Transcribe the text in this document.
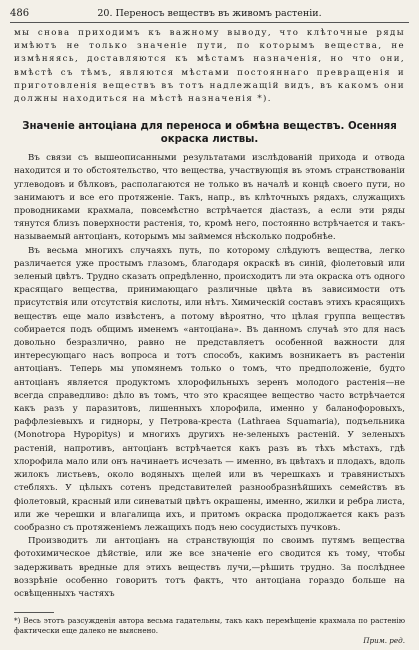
486	20. Переносъ веществъ въ живомъ растеніи.

мы снова приходимъ къ важному выводу, что клѣточные ряды имѣютъ не только значеніе пути, по которымъ вещества, не измѣняясь, доставляются къ мѣстамъ назначенія, но что они, вмѣстѣ съ тѣмъ, являются мѣстами постояннаго превращенія и приготовленія веществъ въ тотъ надлежащій видъ, въ какомъ они должны находиться на мѣстѣ назначенія *).

Значеніе антоціана для переноса и обмѣна веществъ. Осенняя окраска листвы.

Въ связи съ вышеописанными результатами изслѣдованій прихода и отвода находится и то обстоятельство, что вещества, участвующія въ этомъ странствованіи углеводовъ и бѣлковъ, располагаются не только въ началѣ и концѣ своего пути, но занимаютъ и все его протяженіе. Такъ, напр., въ клѣточныхъ рядахъ, служащихъ проводниками крахмала, повсемѣстно встрѣчается діастазъ, а если эти ряды тянутся близъ поверхности растенія, то, кромѣ него, постоянно встрѣчается и такъ-называемый антоціанъ, которымъ мы займемся нѣсколько подробнѣе.

Въ весьма многихъ случаяхъ путь, по которому слѣдуютъ вещества, легко различается уже простымъ глазомъ, благодаря окраскѣ въ синій, фіолетовый или зеленый цвѣтъ. Трудно сказать опредѣленно, происходитъ ли эта окраска отъ одного красящаго вещества, принимающаго различные цвѣта въ зависимости отъ присутствія или отсутствія кислоты, или нѣтъ. Химическій составъ этихъ красящихъ веществъ еще мало извѣстенъ, а потому вѣроятно, что цѣлая группа веществъ собирается подъ общимъ именемъ «антоціана». Въ данномъ случаѣ это для насъ довольно безразлично, равно не представляетъ особенной важности для интересующаго насъ вопроса и тотъ способъ, какимъ возникаетъ въ растеніи антоціанъ. Теперь мы упомянемъ только о томъ, что предположеніе, будто антоціанъ является продуктомъ хлорофильныхъ зеренъ молодого растенія—не всегда справедливо: дѣло въ томъ, что это красящее вещество часто встрѣчается какъ разъ у паразитовъ, лишенныхъ хлорофила, именно у баланофоровыхъ, раффлезіевыхъ и гидноры, у Петрова-креста (Lathraea Squamaria), подъельника (Monotropa Hypopitys) и многихъ другихъ не-зеленыхъ растеній. У зеленыхъ растеній, напротивъ, антоціанъ встрѣчается какъ разъ въ тѣхъ мѣстахъ, гдѣ хлорофила мало или онъ начинаетъ исчезать — именно, въ цвѣтахъ и плодахъ, вдоль жилокъ листьевъ, около водяныхъ щелей или въ черешкахъ и травянистыхъ стебляхъ. У цѣлыхъ сотенъ представителей разнообразнѣйшихъ семействъ въ фіолетовый, красный или синеватый цвѣтъ окрашены, именно, жилки и ребра листа, или же черешки и влагалища ихъ, и притомъ окраска продолжается какъ разъ сообразно съ протяженіемъ лежащихъ подъ нею сосудистыхъ пучковъ.

Производитъ ли антоціанъ на странствующія по своимъ путямъ вещества фотохимическое дѣйствіе, или же все значеніе его сводится къ тому, чтобы задерживать вредные для этихъ веществъ лучи,—рѣшить трудно. За послѣднее воззрѣніе особенно говоритъ тотъ фактъ, что антоціана гораздо больше на освѣщенныхъ частяхъ

*) Весь этотъ разсужденія автора весьма гадательны, такъ какъ перемѣщеніе крахмала по растенію фактически еще далеко не выяснено.
Прим. ред.
